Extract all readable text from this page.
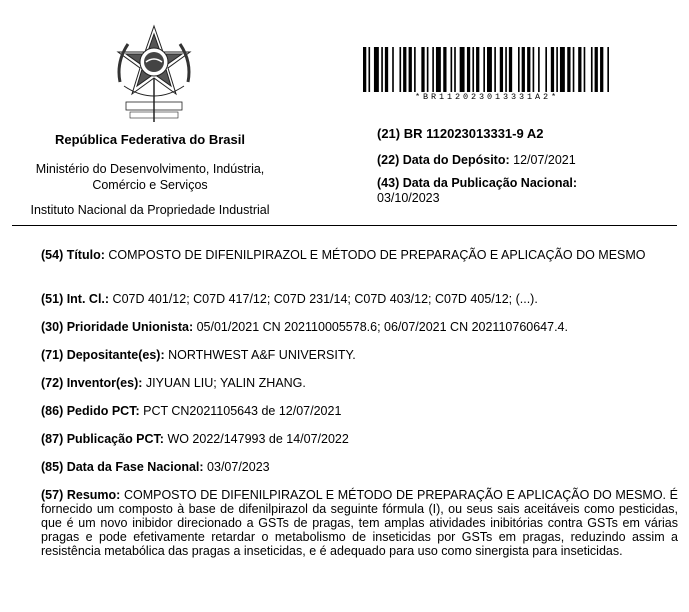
República Federativa do Brasil
Ministério do Desenvolvimento, Indústria,
Comércio e Serviços
Instituto Nacional da Propriedade Industrial
*BR112023013331A2*
(21) BR 112023013331-9 A2
(22) Data do Depósito: 12/07/2021
(43) Data da Publicação Nacional:
03/10/2023

(54) Título: COMPOSTO DE DIFENILPIRAZOL E MÉTODO DE PREPARAÇÃO E APLICAÇÃO DO MESMO

(51) Int. Cl.: C07D 401/12; C07D 417/12; C07D 231/14; C07D 403/12; C07D 405/12; (...).

(30) Prioridade Unionista: 05/01/2021 CN 202110005578.6; 06/07/2021 CN 202110760647.4.

(71) Depositante(es): NORTHWEST A&F UNIVERSITY.

(72) Inventor(es): JIYUAN LIU; YALIN ZHANG.

(86) Pedido PCT: PCT CN2021105643 de 12/07/2021

(87) Publicação PCT: WO 2022/147993 de 14/07/2022

(85) Data da Fase Nacional: 03/07/2023

(57) Resumo: COMPOSTO DE DIFENILPIRAZOL E MÉTODO DE PREPARAÇÃO E APLICAÇÃO DO MESMO. É fornecido um composto à base de difenilpirazol da seguinte fórmula (I), ou seus sais aceitáveis como pesticidas, que é um novo inibidor direcionado a GSTs de pragas, tem amplas atividades inibitórias contra GSTs em várias pragas e pode efetivamente retardar o metabolismo de inseticidas por GSTs em pragas, reduzindo assim a resistência metabólica das pragas a inseticidas, e é adequado para uso como sinergista para inseticidas.
